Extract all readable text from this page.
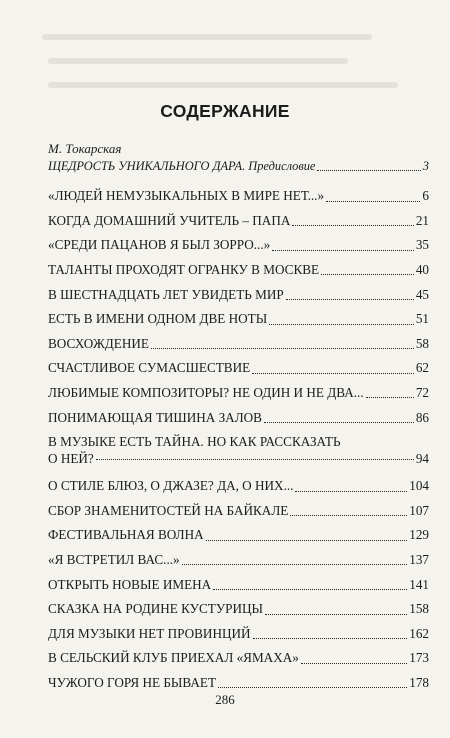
СОДЕРЖАНИЕ
М. Токарская
ЩЕДРОСТЬ УНИКАЛЬНОГО ДАРА. Предисловие	3
«ЛЮДЕЙ НЕМУЗЫКАЛЬНЫХ В МИРЕ НЕТ...»	6
КОГДА ДОМАШНИЙ УЧИТЕЛЬ – ПАПА	21
«СРЕДИ ПАЦАНОВ Я БЫЛ ЗОРРО...»	35
ТАЛАНТЫ ПРОХОДЯТ ОГРАНКУ В МОСКВЕ	40
В ШЕСТНАДЦАТЬ ЛЕТ УВИДЕТЬ МИР	45
ЕСТЬ В ИМЕНИ ОДНОМ ДВЕ НОТЫ	51
ВОСХОЖДЕНИЕ	58
СЧАСТЛИВОЕ СУМАСШЕСТВИЕ	62
ЛЮБИМЫЕ КОМПОЗИТОРЫ? НЕ ОДИН И НЕ ДВА...	72
ПОНИМАЮЩАЯ ТИШИНА ЗАЛОВ	86
В МУЗЫКЕ ЕСТЬ ТАЙНА. НО КАК РАССКАЗАТЬ
О НЕЙ?	94
О СТИЛЕ БЛЮЗ, О ДЖАЗЕ? ДА, О НИХ...	104
СБОР ЗНАМЕНИТОСТЕЙ НА БАЙКАЛЕ	107
ФЕСТИВАЛЬНАЯ ВОЛНА	129
«Я ВСТРЕТИЛ ВАС...»	137
ОТКРЫТЬ НОВЫЕ ИМЕНА	141
СКАЗКА НА РОДИНЕ КУСТУРИЦЫ	158
ДЛЯ МУЗЫКИ НЕТ ПРОВИНЦИЙ	162
В СЕЛЬСКИЙ КЛУБ ПРИЕХАЛ «ЯМАХА»	173
ЧУЖОГО ГОРЯ НЕ БЫВАЕТ	178
286
